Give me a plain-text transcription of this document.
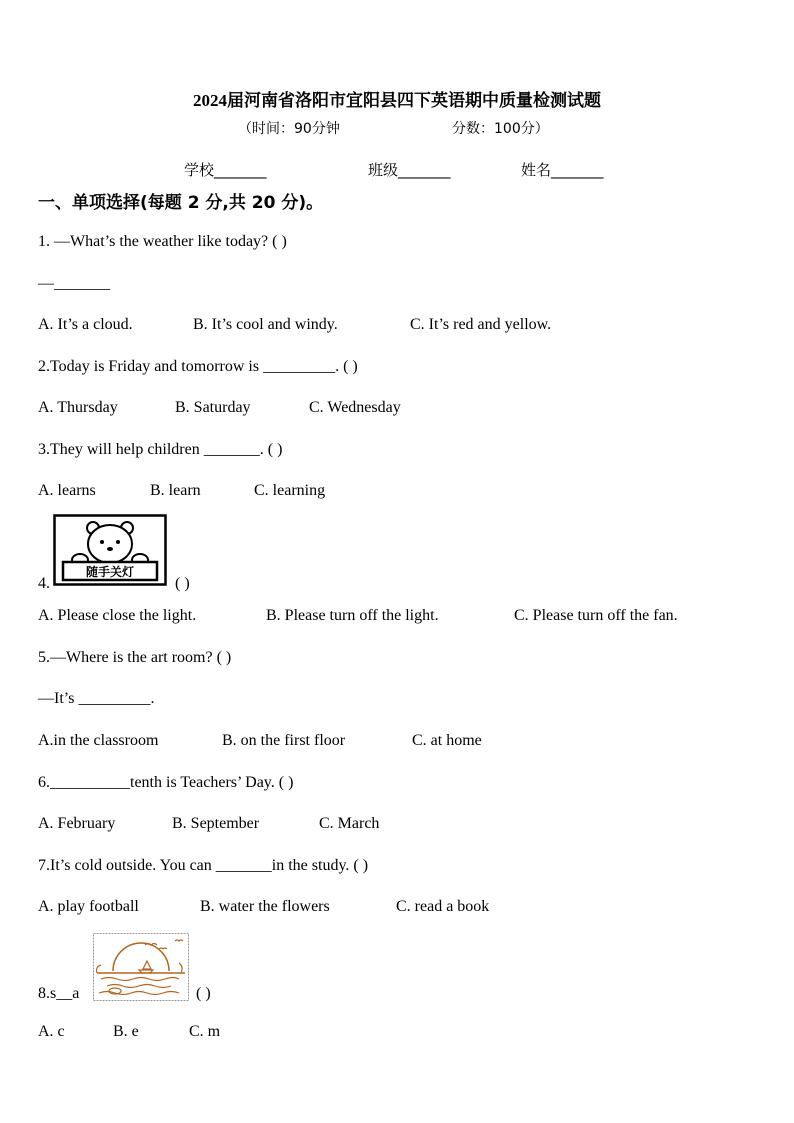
2024届河南省洛阳市宜阳县四下英语期中质量检测试题
（时间：90分钟	分数：100分）
学校_______	班级_______	姓名_______
一、单项选择(每题 2 分,共 20 分)。
1. —What’s the weather like today? ( )
—_______
A. It’s a cloud.	B. It’s cool and windy.	C. It’s red and yellow.
2.Today is Friday and tomorrow is _________. ( )
A. Thursday	B. Saturday	C. Wednesday
3.They will help children _______. ( )
A. learns	B. learn	C. learning
4.
随手关灯
( )
A. Please close the light.	B. Please turn off the light.	C. Please turn off the fan.
5.—Where is the art room? ( )
—It’s _________.
A.in the classroom	B. on the first floor	C. at home
6.__________tenth is Teachers’ Day. ( )
A. February	B. September	C. March
7.It’s cold outside. You can _______in the study. ( )
A. play football	B. water the flowers	C. read a book
8.s__a	( )
A. c	B. e	C. m
